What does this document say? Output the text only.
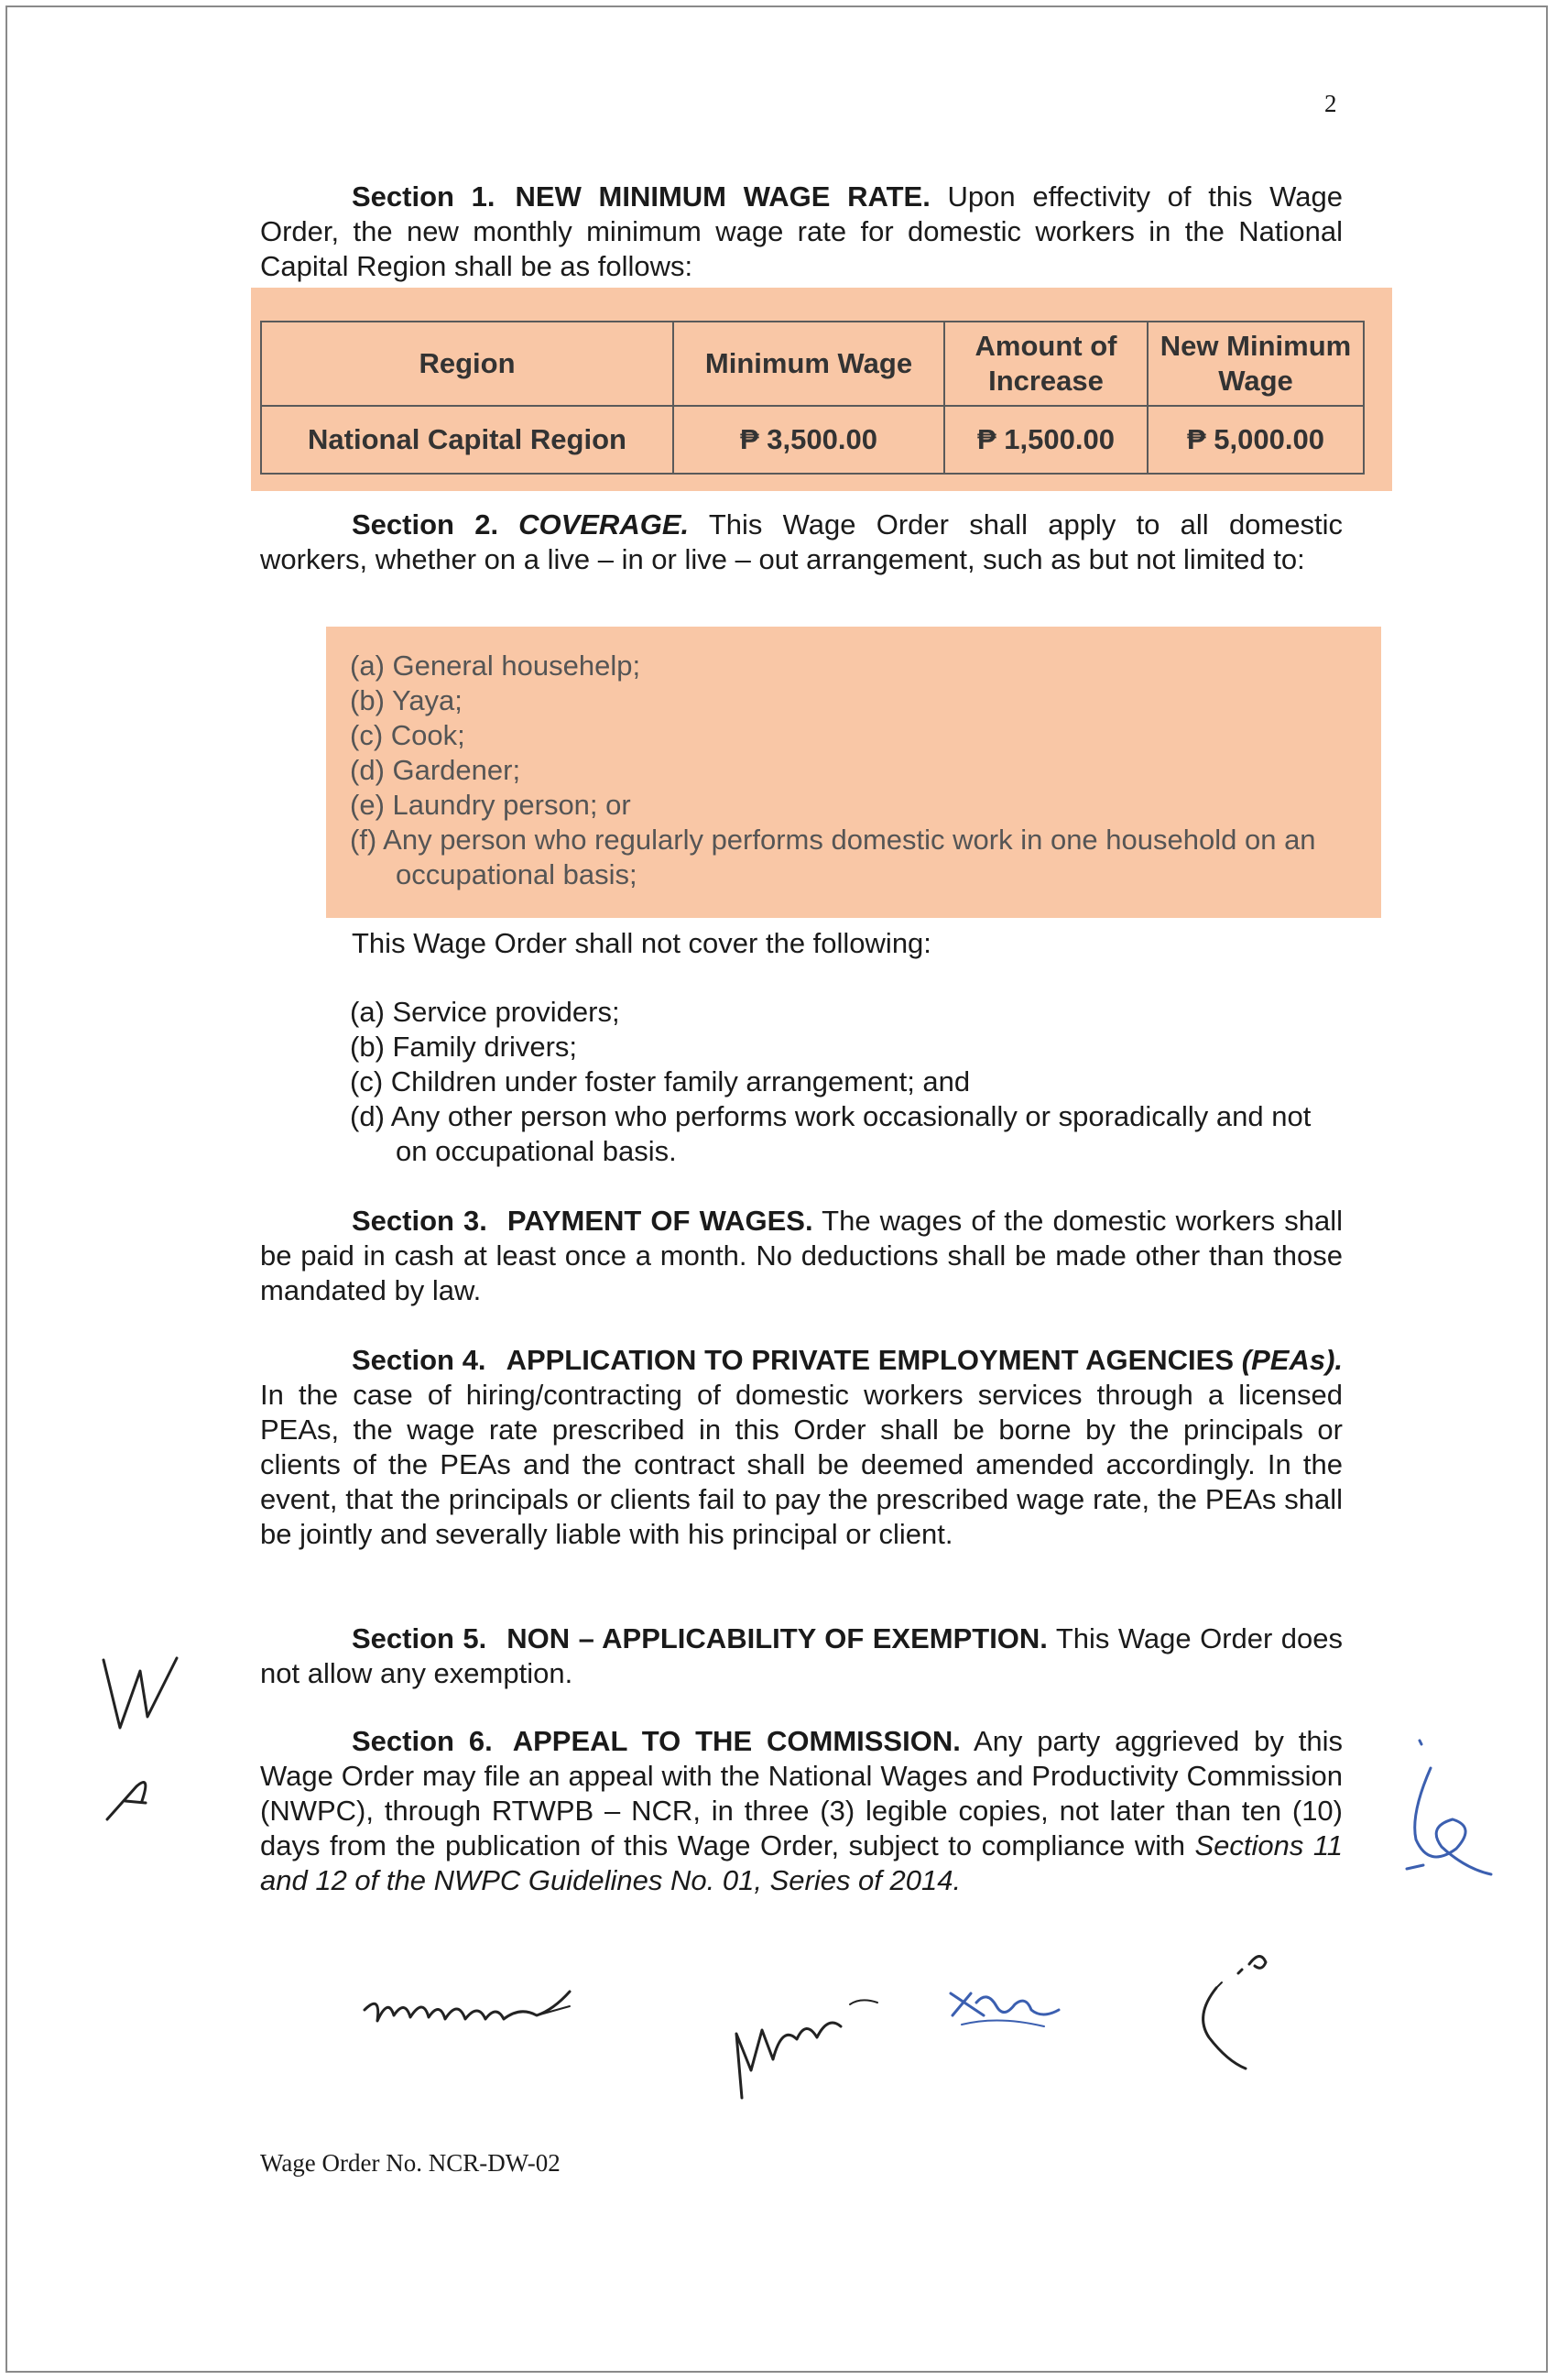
2

Section 1. NEW MINIMUM WAGE RATE. Upon effectivity of this Wage Order, the new monthly minimum wage rate for domestic workers in the National Capital Region shall be as follows:

Region	Minimum Wage	Amount of Increase	New Minimum Wage
National Capital Region	₱ 3,500.00	₱ 1,500.00	₱ 5,000.00

Section 2. COVERAGE. This Wage Order shall apply to all domestic workers, whether on a live – in or live – out arrangement, such as but not limited to:

(a) General househelp;
(b) Yaya;
(c) Cook;
(d) Gardener;
(e) Laundry person; or
(f) Any person who regularly performs domestic work in one household on an occupational basis;
This Wage Order shall not cover the following:
(a) Service providers;
(b) Family drivers;
(c) Children under foster family arrangement; and
(d) Any other person who performs work occasionally or sporadically and not on occupational basis.

Section 3. PAYMENT OF WAGES. The wages of the domestic workers shall be paid in cash at least once a month. No deductions shall be made other than those mandated by law.

Section 4. APPLICATION TO PRIVATE EMPLOYMENT AGENCIES (PEAs). In the case of hiring/contracting of domestic workers services through a licensed PEAs, the wage rate prescribed in this Order shall be borne by the principals or clients of the PEAs and the contract shall be deemed amended accordingly. In the event, that the principals or clients fail to pay the prescribed wage rate, the PEAs shall be jointly and severally liable with his principal or client.

Section 5. NON – APPLICABILITY OF EXEMPTION. This Wage Order does not allow any exemption.

Section 6. APPEAL TO THE COMMISSION. Any party aggrieved by this Wage Order may file an appeal with the National Wages and Productivity Commission (NWPC), through RTWPB – NCR, in three (3) legible copies, not later than ten (10) days from the publication of this Wage Order, subject to compliance with Sections 11 and 12 of the NWPC Guidelines No. 01, Series of 2014.

Wage Order No. NCR-DW-02
